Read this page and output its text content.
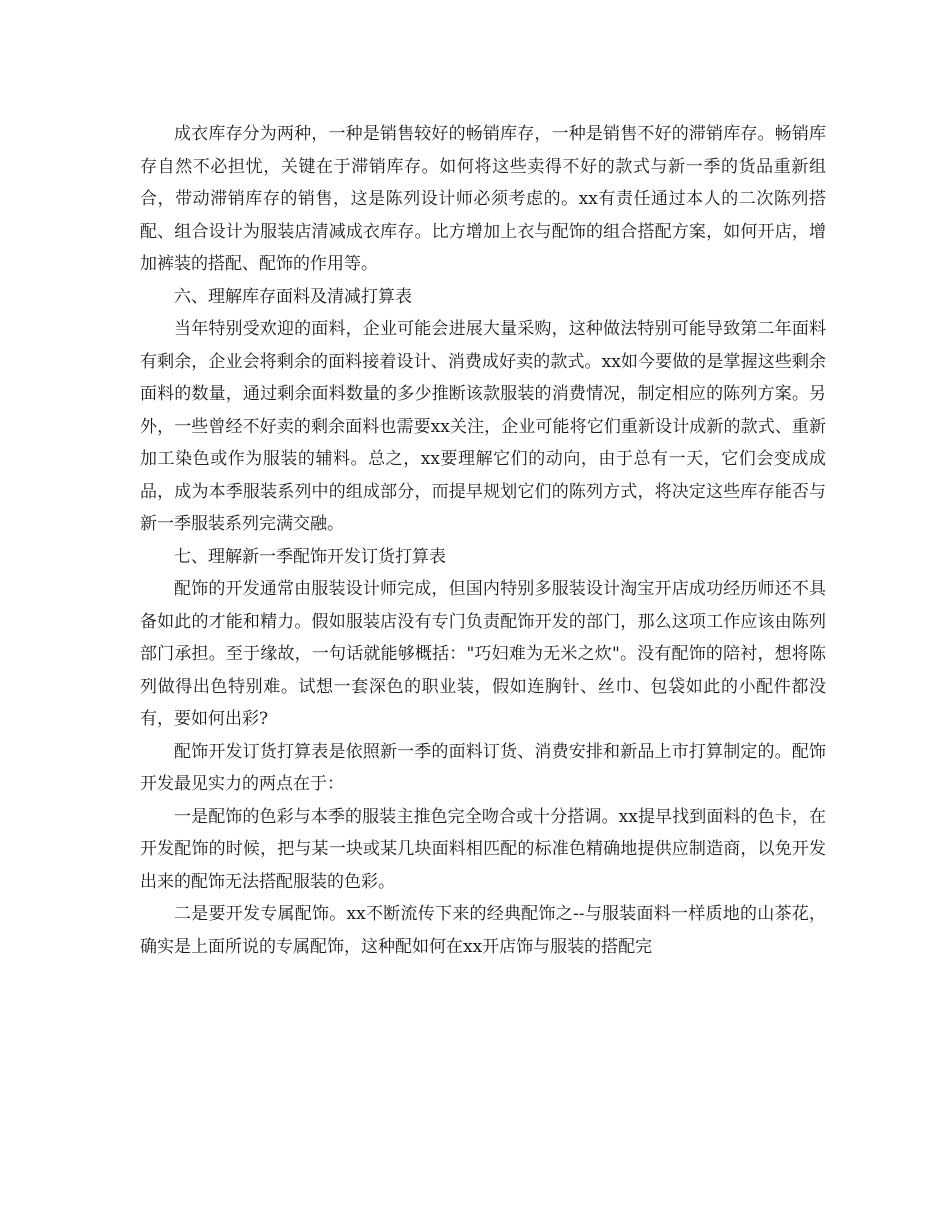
成衣库存分为两种，一种是销售较好的畅销库存，一种是销售不好的滞销库存。畅销库存自然不必担忧，关键在于滞销库存。如何将这些卖得不好的款式与新一季的货品重新组合，带动滞销库存的销售，这是陈列设计师必须考虑的。xx有责任通过本人的二次陈列搭配、组合设计为服装店清减成衣库存。比方增加上衣与配饰的组合搭配方案，如何开店，增加裤装的搭配、配饰的作用等。

六、理解库存面料及清减打算表

当年特别受欢迎的面料，企业可能会进展大量采购，这种做法特别可能导致第二年面料有剩余，企业会将剩余的面料接着设计、消费成好卖的款式。xx如今要做的是掌握这些剩余面料的数量，通过剩余面料数量的多少推断该款服装的消费情况，制定相应的陈列方案。另外，一些曾经不好卖的剩余面料也需要xx关注，企业可能将它们重新设计成新的款式、重新加工染色或作为服装的辅料。总之，xx要理解它们的动向，由于总有一天，它们会变成成品，成为本季服装系列中的组成部分，而提早规划它们的陈列方式，将决定这些库存能否与新一季服装系列完满交融。

七、理解新一季配饰开发订货打算表

配饰的开发通常由服装设计师完成，但国内特别多服装设计淘宝开店成功经历师还不具备如此的才能和精力。假如服装店没有专门负责配饰开发的部门，那么这项工作应该由陈列部门承担。至于缘故，一句话就能够概括："巧妇难为无米之炊"。没有配饰的陪衬，想将陈列做得出色特别难。试想一套深色的职业装，假如连胸针、丝巾、包袋如此的小配件都没有，要如何出彩?

配饰开发订货打算表是依照新一季的面料订货、消费安排和新品上市打算制定的。配饰开发最见实力的两点在于：

一是配饰的色彩与本季的服装主推色完全吻合或十分搭调。xx提早找到面料的色卡，在开发配饰的时候，把与某一块或某几块面料相匹配的标准色精确地提供应制造商，以免开发出来的配饰无法搭配服装的色彩。

二是要开发专属配饰。xx不断流传下来的经典配饰之--与服装面料一样质地的山茶花，确实是上面所说的专属配饰，这种配如何在xx开店饰与服装的搭配完
